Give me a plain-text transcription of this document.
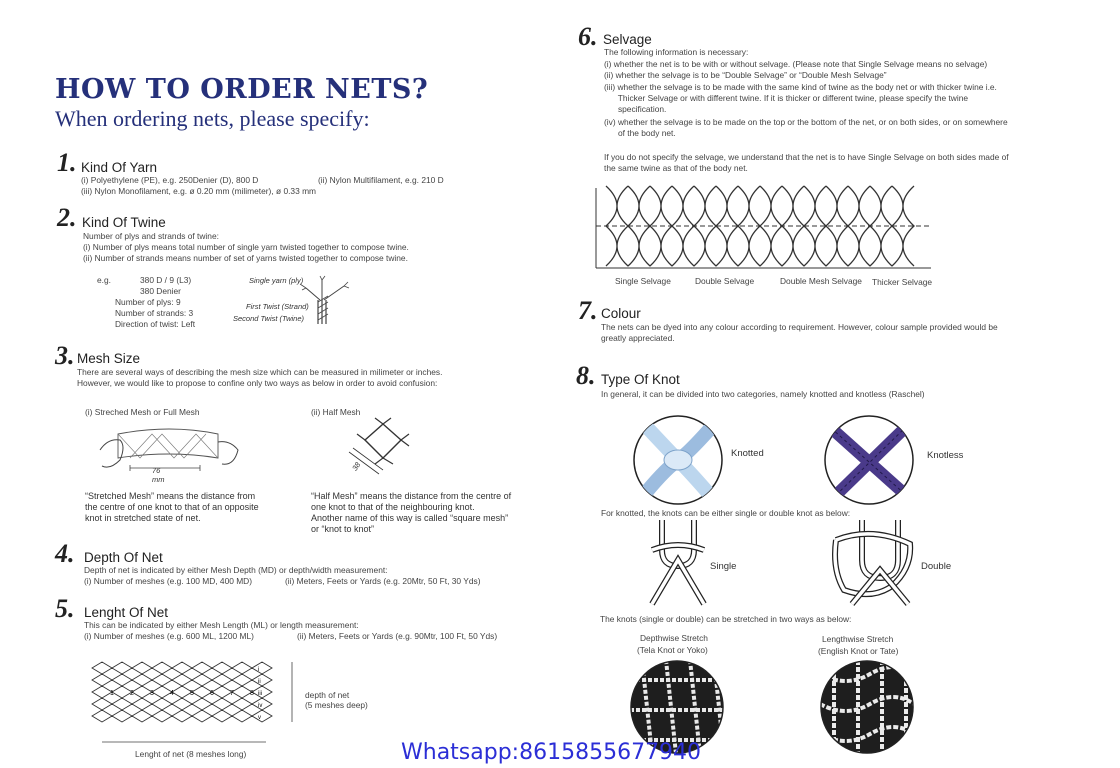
HOW TO ORDER NETS?
When ordering nets, please specify:
1. Kind Of Yarn
(i) Polyethylene (PE), e.g. 250Denier (D), 800 D	(ii) Nylon Multifilament, e.g. 210 D
(iii) Nylon Monofilament, e.g. ø 0.20 mm (milimeter), ø 0.33 mm
2. Kind Of Twine
Number of plys and strands of twine:
(i) Number of plys means total number of single yarn twisted together to compose twine.
(ii) Number of strands means number of set of yarns twisted together to compose twine.
e.g.	380 D / 9 (L3)
380 Denier
Number of plys: 9
Number of strands: 3
Direction of twist: Left
Single yarn (ply)
First Twist (Strand)
Second Twist (Twine)
3. Mesh Size
There are several ways of describing the mesh size which can be measured in milimeter or inches.
However, we would like to propose to confine only two ways as below in order to avoid confusion:
(i) Streched Mesh or Full Mesh	(ii) Half Mesh
76
mm
38
“Stretched Mesh” means the distance from
the centre of one knot to that of an opposite
knot in stretched state of net.
“Half Mesh” means the distance from the centre of
one knot to that of the neighbouring knot.
Another name of this way is called “square mesh”
or “knot to knot”
4. Depth Of Net
Depth of net is indicated by either Mesh Depth (MD) or depth/width measurement:
(i) Number of meshes (e.g. 100 MD, 400 MD)	(ii) Meters, Feets or Yards (e.g. 20Mtr, 50 Ft, 30 Yds)
5. Lenght Of Net
This can be indicated by either Mesh Length (ML) or length measurement:
(i) Number of meshes (e.g. 600 ML, 1200 ML)	(ii) Meters, Feets or Yards (e.g. 90Mtr, 100 Ft, 50 Yds)
1 2 3 4 5 6 7 8
i
ii
iii
iv
v
depth of net
(5 meshes deep)
Lenght of net (8 meshes long)
6. Selvage
The following information is necessary:
(i) whether the net is to be with or without selvage. (Please note that Single Selvage means no selvage)
(ii) whether the selvage is to be “Double Selvage” or “Double Mesh Selvage”
(iii) whether the selvage is to be made with the same kind of twine as the body net or with thicker twine i.e.
Thicker Selvage or with different twine. If it is thicker or different twine, please specify the twine
specification.
(iv) whether the selvage is to be made on the top or the bottom of the net, or on both sides, or on somewhere
of the body net.
If you do not specify the selvage, we understand that the net is to have Single Selvage on both sides made of
the same twine as that of the body net.
Single Selvage	Double Selvage	Double Mesh Selvage Thicker Selvage
7. Colour
The nets can be dyed into any colour according to requirement. However, colour sample provided would be
greatly appreciated.
8. Type Of Knot
In general, it can be divided into two categories, namely knotted and knotless (Raschel)
Knotted	Knotless
For knotted, the knots can be either single or double knot as below:
Single	Double
The knots (single or double) can be stretched in two ways as below:
Depthwise Stretch
(Tela Knot or Yoko)
Lengthwise Stretch
(English Knot or Tate)
Whatsapp:8615855677940
